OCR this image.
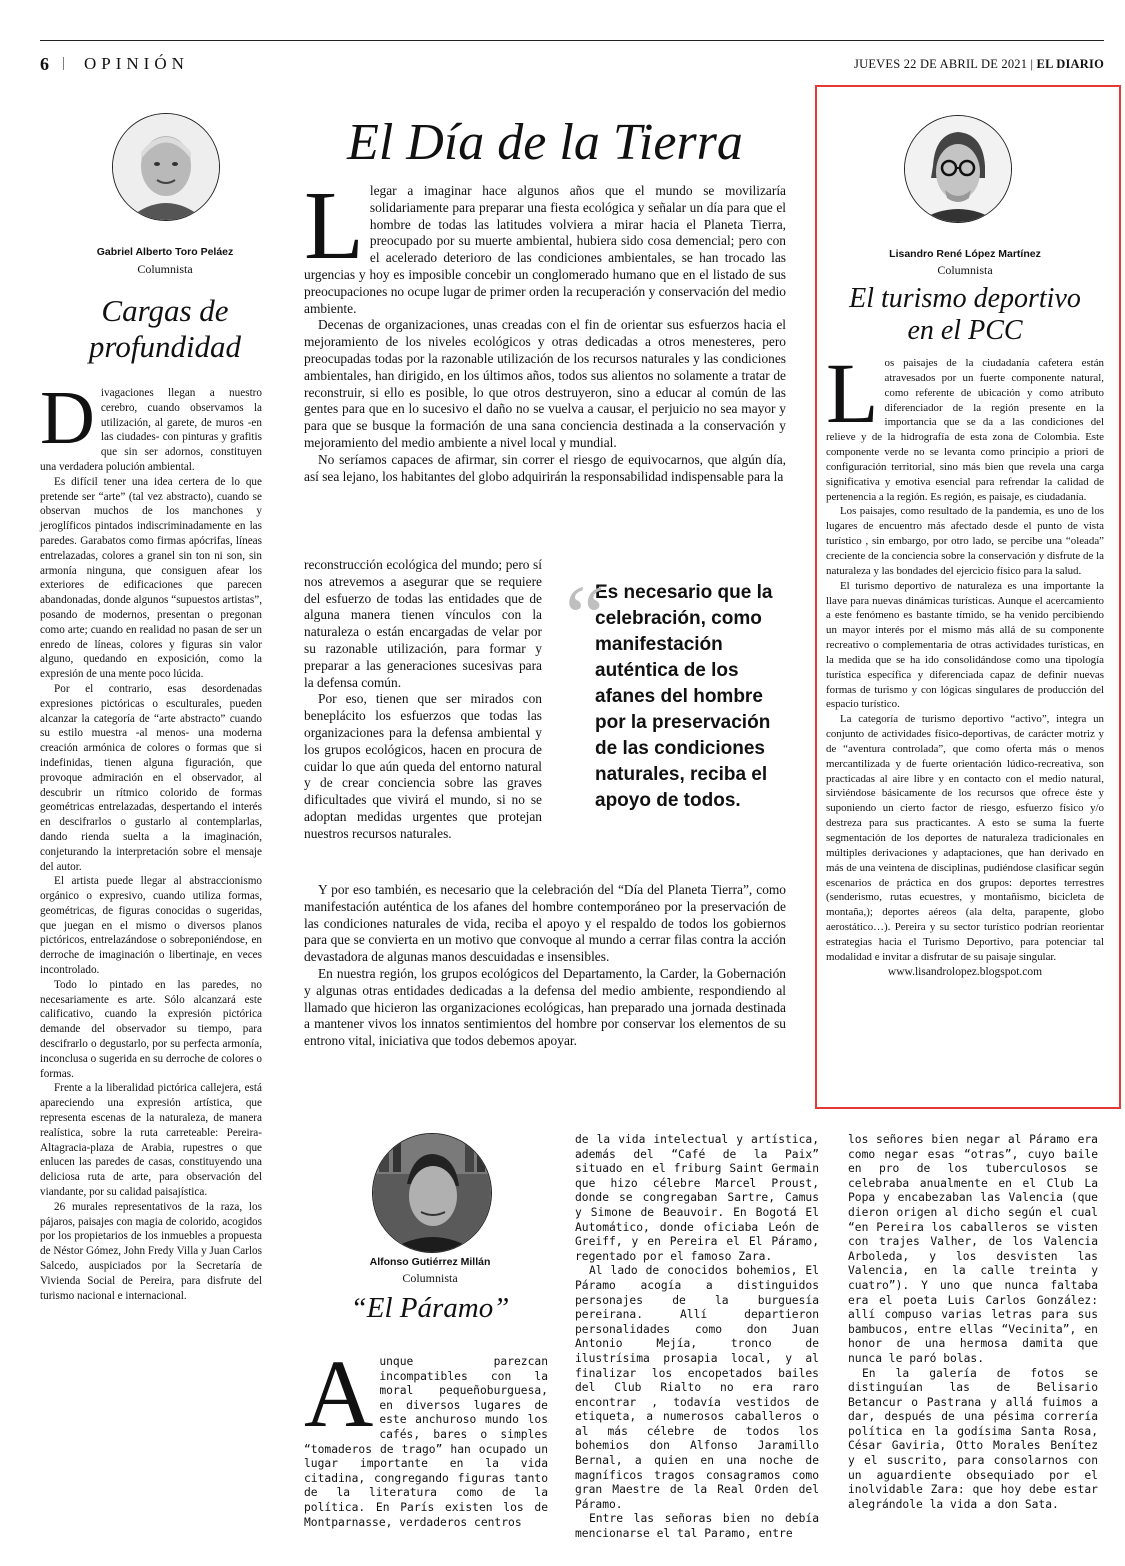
6 | OPINIÓN	JUEVES 22 DE ABRIL DE 2021 | EL DIARIO
Gabriel Alberto Toro Peláez
Columnista
Cargas de profundidad

Divagaciones llegan a nuestro cerebro, cuando observamos la utilización, al garete, de muros -en las ciudades- con pinturas y grafitis que sin ser adornos, constituyen una verdadera polución ambiental.

Es difícil tener una idea certera de lo que pretende ser “arte” (tal vez abstracto), cuando se observan muchos de los manchones y jeroglíficos pintados indiscriminadamente en las paredes. Garabatos como firmas apócrifas, líneas entrelazadas, colores a granel sin ton ni son, sin armonía ninguna, que consiguen afear los exteriores de edificaciones que parecen abandonadas, donde algunos “supuestos artistas”, posando de modernos, presentan o pregonan como arte; cuando en realidad no pasan de ser un enredo de líneas, colores y figuras sin valor alguno, quedando en exposición, como la expresión de una mente poco lúcida.

Por el contrario, esas desordenadas expresiones pictóricas o esculturales, pueden alcanzar la categoría de “arte abstracto” cuando su estilo muestra -al menos- una moderna creación armónica de colores o formas que si indefinidas, tienen alguna figuración, que provoque admiración en el observador, al descubrir un rítmico colorido de formas geométricas entrelazadas, despertando el interés en descifrarlos o gustarlo al contemplarlas, dando rienda suelta a la imaginación, conjeturando la interpretación sobre el mensaje del autor.

El artista puede llegar al abstraccionismo orgánico o expresivo, cuando utiliza formas, geométricas, de figuras conocidas o sugeridas, que juegan en el mismo o diversos planos pictóricos, entrelazándose o sobreponiéndose, en derroche de imaginación o libertinaje, en veces incontrolado.

Todo lo pintado en las paredes, no necesariamente es arte. Sólo alcanzará este calificativo, cuando la expresión pictórica demande del observador su tiempo, para descifrarlo o degustarlo, por su perfecta armonía, inconclusa o sugerida en su derroche de colores o formas.

Frente a la liberalidad pictórica callejera, está apareciendo una expresión artística, que representa escenas de la naturaleza, de manera realística, sobre la ruta carreteable: Pereira-Altagracia-plaza de Arabia, rupestres o que enlucen las paredes de casas, constituyendo una deliciosa ruta de arte, para observación del viandante, por su calidad paisajística.

26 murales representativos de la raza, los pájaros, paisajes con magia de colorido, acogidos por los propietarios de los inmuebles a propuesta de Néstor Gómez, John Fredy Villa y Juan Carlos Salcedo, auspiciados por la Secretaría de Vivienda Social de Pereira, para disfrute del turismo nacional e internacional.

El Día de la Tierra

Llegar a imaginar hace algunos años que el mundo se movilizaría solidariamente para preparar una fiesta ecológica y señalar un día para que el hombre de todas las latitudes volviera a mirar hacia el Planeta Tierra, preocupado por su muerte ambiental, hubiera sido cosa demencial; pero con el acelerado deterioro de las condiciones ambientales, se han trocado las urgencias y hoy es imposible concebir un conglomerado humano que en el listado de sus preocupaciones no ocupe lugar de primer orden la recuperación y conservación del medio ambiente.

Decenas de organizaciones, unas creadas con el fin de orientar sus esfuerzos hacia el mejoramiento de los niveles ecológicos y otras dedicadas a otros menesteres, pero preocupadas todas por la razonable utilización de los recursos naturales y las condiciones ambientales, han dirigido, en los últimos años, todos sus alientos no solamente a tratar de reconstruir, si ello es posible, lo que otros destruyeron, sino a educar al común de las gentes para que en lo sucesivo el daño no se vuelva a causar, el perjuicio no sea mayor y para que se busque la formación de una sana conciencia destinada a la conservación y mejoramiento del medio ambiente a nivel local y mundial.

No seríamos capaces de afirmar, sin correr el riesgo de equivocarnos, que algún día, así sea lejano, los habitantes del globo adquirirán la responsabilidad indispensable para la

reconstrucción ecológica del mundo; pero sí nos atrevemos a asegurar que se requiere del esfuerzo de todas las entidades que de alguna manera tienen vínculos con la naturaleza o están encargadas de velar por su razonable utilización, para formar y preparar a las generaciones sucesivas para la defensa común.

Por eso, tienen que ser mirados con beneplácito los esfuerzos que todas las organizaciones para la defensa ambiental y los grupos ecológicos, hacen en procura de cuidar lo que aún queda del entorno natural y de crear conciencia sobre las graves dificultades que vivirá el mundo, si no se adoptan medidas urgentes que protejan nuestros recursos naturales.

“
Es necesario que la celebración, como manifestación auténtica de los afanes del hombre por la preservación de las condiciones naturales, reciba el apoyo de todos.

Y por eso también, es necesario que la celebración del “Día del Planeta Tierra”, como manifestación auténtica de los afanes del hombre contemporáneo por la preservación de las condiciones naturales de vida, reciba el apoyo y el respaldo de todos los gobiernos para que se convierta en un motivo que convoque al mundo a cerrar filas contra la acción devastadora de algunas manos descuidadas e insensibles.

En nuestra región, los grupos ecológicos del Departamento, la Carder, la Gobernación y algunas otras entidades dedicadas a la defensa del medio ambiente, respondiendo al llamado que hicieron las organizaciones ecológicas, han preparado una jornada destinada a mantener vivos los innatos sentimientos del hombre por conservar los elementos de su entrono vital, iniciativa que todos debemos apoyar.

Lisandro René López Martínez
Columnista
El turismo deportivo en el PCC

Los paisajes de la ciudadanía cafetera están atravesados por un fuerte componente natural, como referente de ubicación y como atributo diferenciador de la región presente en la importancia que se da a las condiciones del relieve y de la hidrografía de esta zona de Colombia. Este componente verde no se levanta como principio a priori de configuración territorial, sino más bien que revela una carga significativa y emotiva esencial para refrendar la calidad de pertenencia a la región. Es región, es paisaje, es ciudadanía.

Los paisajes, como resultado de la pandemia, es uno de los lugares de encuentro más afectado desde el punto de vista turístico , sin embargo, por otro lado, se percibe una “oleada” creciente de la conciencia sobre la conservación y disfrute de la naturaleza y las bondades del ejercicio físico para la salud.

El turismo deportivo de naturaleza es una importante la llave para nuevas dinámicas turísticas. Aunque el acercamiento a este fenómeno es bastante tímido, se ha venido percibiendo un mayor interés por el mismo más allá de su componente recreativo o complementaria de otras actividades turísticas, en la medida que se ha ido consolidándose como una tipología turística específica y diferenciada capaz de definir nuevas formas de turismo y con lógicas singulares de producción del espacio turístico.

La categoría de turismo deportivo “activo”, integra un conjunto de actividades físico-deportivas, de carácter motriz y de “aventura controlada”, que como oferta más o menos mercantilizada y de fuerte orientación lúdico-recreativa, son practicadas al aire libre y en contacto con el medio natural, sirviéndose básicamente de los recursos que ofrece éste y suponiendo un cierto factor de riesgo, esfuerzo físico y/o destreza para sus practicantes. A esto se suma la fuerte segmentación de los deportes de naturaleza tradicionales en múltiples derivaciones y adaptaciones, que han derivado en más de una veintena de disciplinas, pudiéndose clasificar según escenarios de práctica en dos grupos: deportes terrestres (senderismo, rutas ecuestres, y montañismo, bicicleta de montaña,); deportes aéreos (ala delta, parapente, globo aerostático…). Pereira y su sector turístico podrían reorientar estrategias hacia el Turismo Deportivo, para potenciar tal modalidad e invitar a disfrutar de su paisaje singular.

www.lisandrolopez.blogspot.com
Alfonso Gutiérrez Millán
Columnista
“El Páramo”

Aunque parezcan incompatibles con la moral pequeñoburguesa, en diversos lugares de este anchuroso mundo los cafés, bares o simples “tomaderos de trago” han ocupado un lugar importante en la vida citadina, congregando figuras tanto de la literatura como de la política. En París existen los de Montparnasse, verdaderos centros

de la vida intelectual y artística, además del “Café de la Paix” situado en el friburg Saint Germain que hizo célebre Marcel Proust, donde se congregaban Sartre, Camus y Simone de Beauvoir. En Bogotá El Automático, donde oficiaba León de Greiff, y en Pereira el El Páramo, regentado por el famoso Zara.

Al lado de conocidos bohemios, El Páramo acogía a distinguidos personajes de la burguesía pereirana. Allí departieron personalidades como don Juan Antonio Mejía, tronco de ilustrísima prosapia local, y al finalizar los encopetados bailes del Club Rialto no era raro encontrar , todavía vestidos de etiqueta, a numerosos caballeros o al más célebre de todos los bohemios don Alfonso Jaramillo Bernal, a quien en una noche de magníficos tragos consagramos como gran Maestre de la Real Orden del Páramo.

Entre las señoras bien no debía mencionarse el tal Paramo, entre

los señores bien negar al Páramo era como negar esas “otras”, cuyo baile en pro de los tuberculosos se celebraba anualmente en el Club La Popa y encabezaban las Valencia (que dieron origen al dicho según el cual “en Pereira los caballeros se visten con trajes Valher, de los Valencia Arboleda, y los desvisten las Valencia, en la calle treinta y cuatro”). Y uno que nunca faltaba era el poeta Luis Carlos González: allí compuso varias letras para sus bambucos, entre ellas “Vecinita”, en honor de una hermosa damita que nunca le paró bolas.

En la galería de fotos se distinguían las de Belisario Betancur o Pastrana y allá fuimos a dar, después de una pésima correría política en la godísima Santa Rosa, César Gaviria, Otto Morales Benítez y el suscrito, para consolarnos con un aguardiente obsequiado por el inolvidable Zara: que hoy debe estar alegrándole la vida a don Sata.
